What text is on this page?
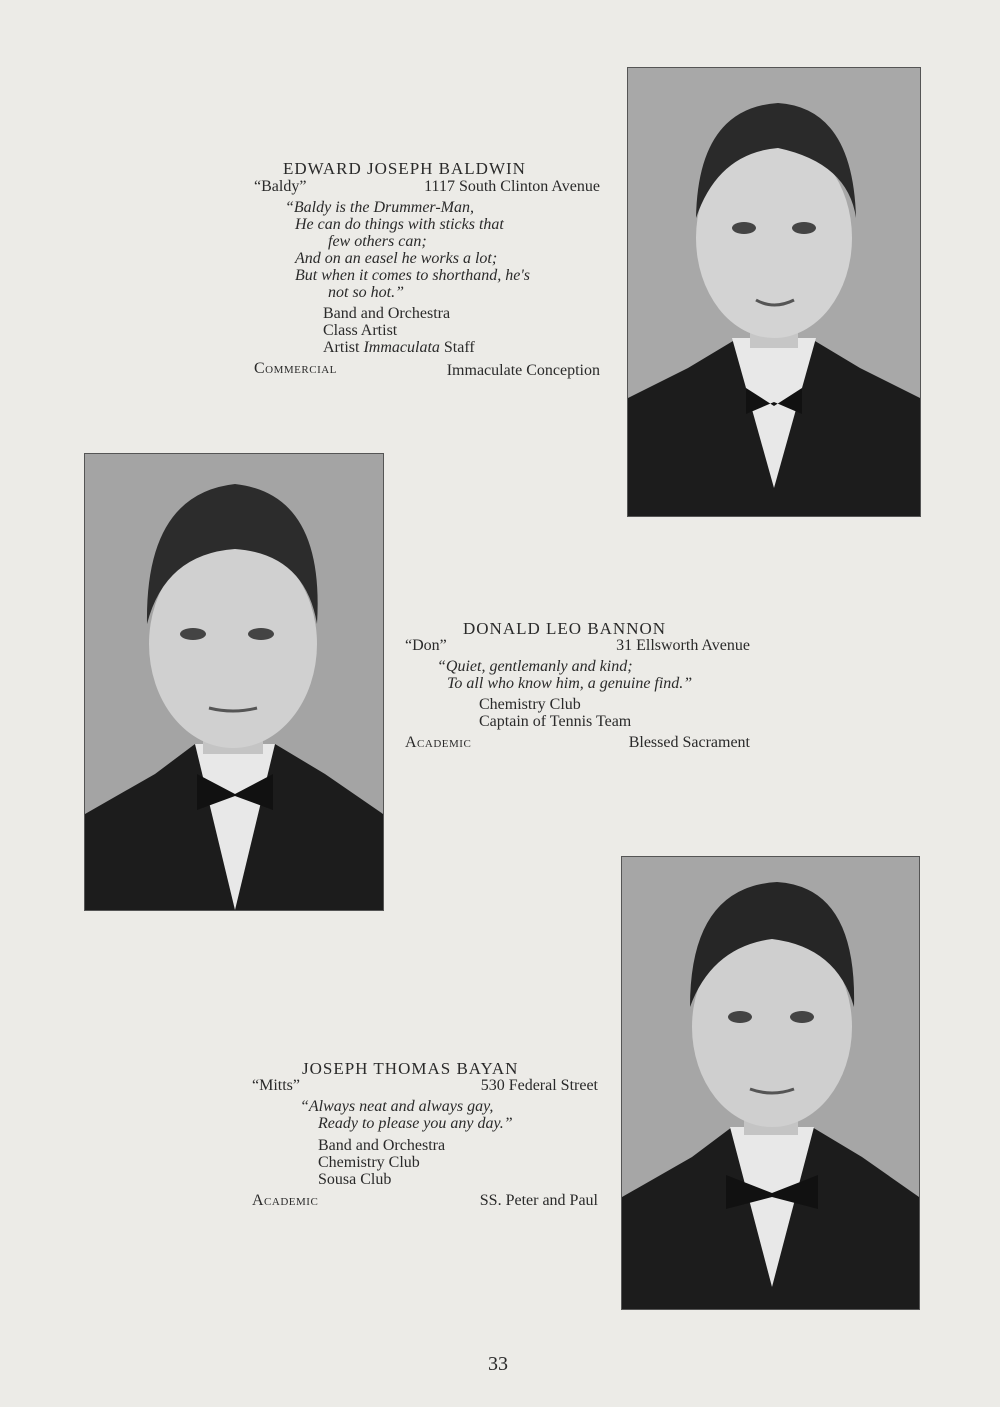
EDWARD JOSEPH BALDWIN
“Baldy”	1117 South Clinton Avenue
“Baldy is the Drummer-Man,
He can do things with sticks that
few others can;
And on an easel he works a lot;
But when it comes to shorthand, he's
not so hot.”
Band and Orchestra
Class Artist
Artist Immaculata Staff
Commercial	Immaculate Conception
DONALD LEO BANNON
“Don”	31 Ellsworth Avenue
“Quiet, gentlemanly and kind;
To all who know him, a genuine find.”
Chemistry Club
Captain of Tennis Team
Academic	Blessed Sacrament
JOSEPH THOMAS BAYAN
“Mitts”	530 Federal Street
“Always neat and always gay,
Ready to please you any day.”
Band and Orchestra
Chemistry Club
Sousa Club
Academic	SS. Peter and Paul
33
